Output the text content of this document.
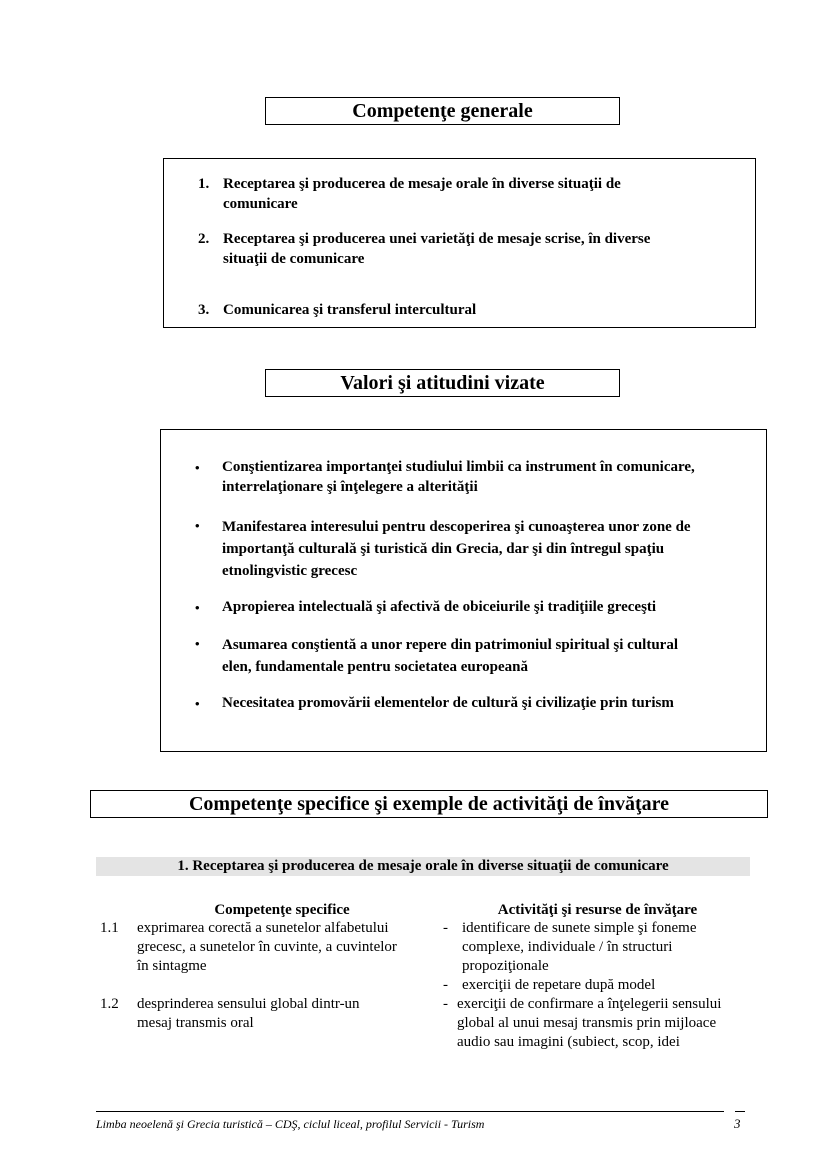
Competenţe generale
1. Receptarea şi producerea de mesaje orale în diverse situaţii de
comunicare
2. Receptarea şi producerea unei varietăţi de mesaje scrise, în diverse
situaţii de comunicare
3. Comunicarea şi transferul intercultural
Valori şi atitudini vizate
• Conştientizarea importanţei studiului limbii ca instrument în comunicare,
interrelaţionare şi înţelegere a alterităţii
• Manifestarea interesului pentru descoperirea şi cunoaşterea unor zone de
importanţă culturală şi turistică din Grecia, dar şi din întregul spaţiu
etnolingvistic grecesc
• Apropierea intelectuală şi afectivă de obiceiurile şi tradiţiile greceşti
• Asumarea conştientă a unor repere din patrimoniul spiritual şi cultural
elen, fundamentale pentru societatea europeană
• Necesitatea promovării elementelor de cultură şi civilizaţie prin turism
Competenţe specifice şi exemple de activităţi de învăţare
1. Receptarea şi producerea de mesaje orale în diverse situaţii de comunicare
Competenţe specifice	Activităţi şi resurse de învăţare
1.1 exprimarea corectă a sunetelor alfabetului
grecesc, a sunetelor în cuvinte, a cuvintelor
în sintagme
- identificare de sunete simple şi foneme
complexe, individuale / în structuri
propoziţionale
- exerciţii de repetare după model
1.2 desprinderea sensului global dintr-un
mesaj transmis oral
- exerciţii de confirmare a înţelegerii sensului
global al unui mesaj transmis prin mijloace
audio sau imagini (subiect, scop, idei
Limba neoelenă şi Grecia turistică – CDŞ, ciclul liceal, profilul Servicii - Turism	3
